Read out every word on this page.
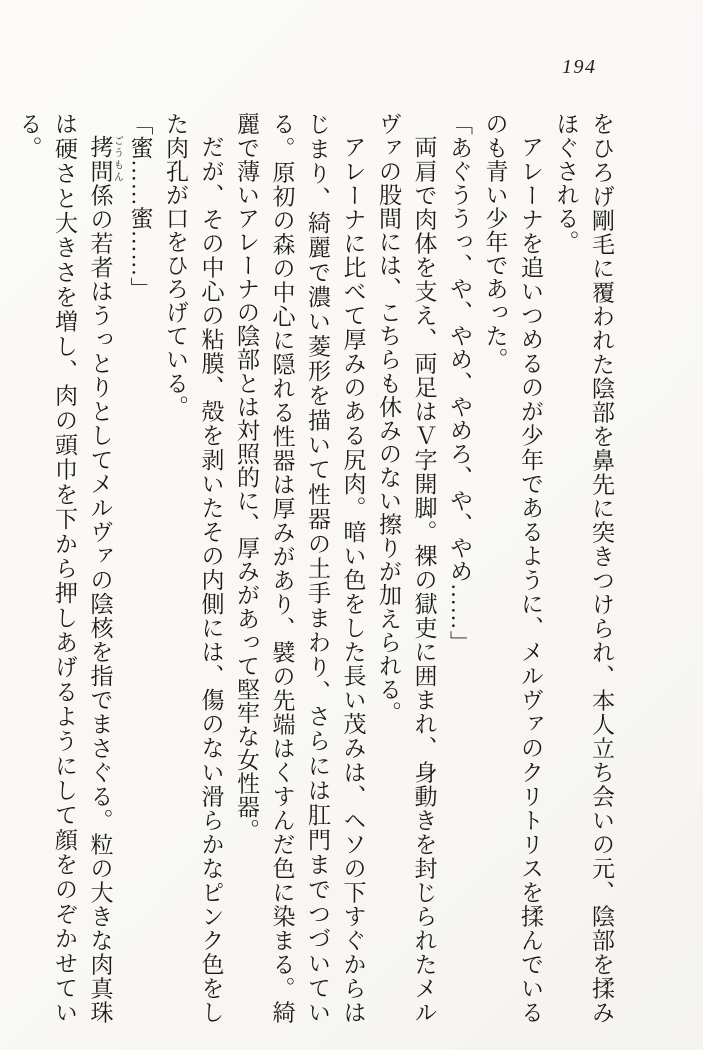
194

をひろげ剛毛に覆われた陰部を鼻先に突きつけられ、本人立ち会いの元、陰部を揉みほぐされる。

アレーナを追いつめるのが少年であるように、メルヴァのクリトリスを揉んでいるのも青い少年であった。

「あぐううっ、や、やめ、やめろ、や、やめ……」

両肩で肉体を支え、両足はＶ字開脚。裸の獄吏に囲まれ、身動きを封じられたメルヴァの股間には、こちらも休みのない擦りが加えられる。

アレーナに比べて厚みのある尻肉。暗い色をした長い茂みは、ヘソの下すぐからはじまり、綺麗で濃い菱形を描いて性器の土手まわり、さらには肛門までつづいている。原初の森の中心に隠れる性器は厚みがあり、襞の先端はくすんだ色に染まる。綺麗で薄いアレーナの陰部とは対照的に、厚みがあって堅牢な女性器。

だが、その中心の粘膜、殻を剥いたその内側には、傷のない滑らかなピンク色をした肉孔が口をひろげている。

「蜜……蜜……」

拷問 ごうもん係の若者はうっとりとしてメルヴァの陰核を指でまさぐる。粒の大きな肉真珠は硬さと大きさを増し、肉の頭巾を下から押しあげるようにして顔をのぞかせている。
